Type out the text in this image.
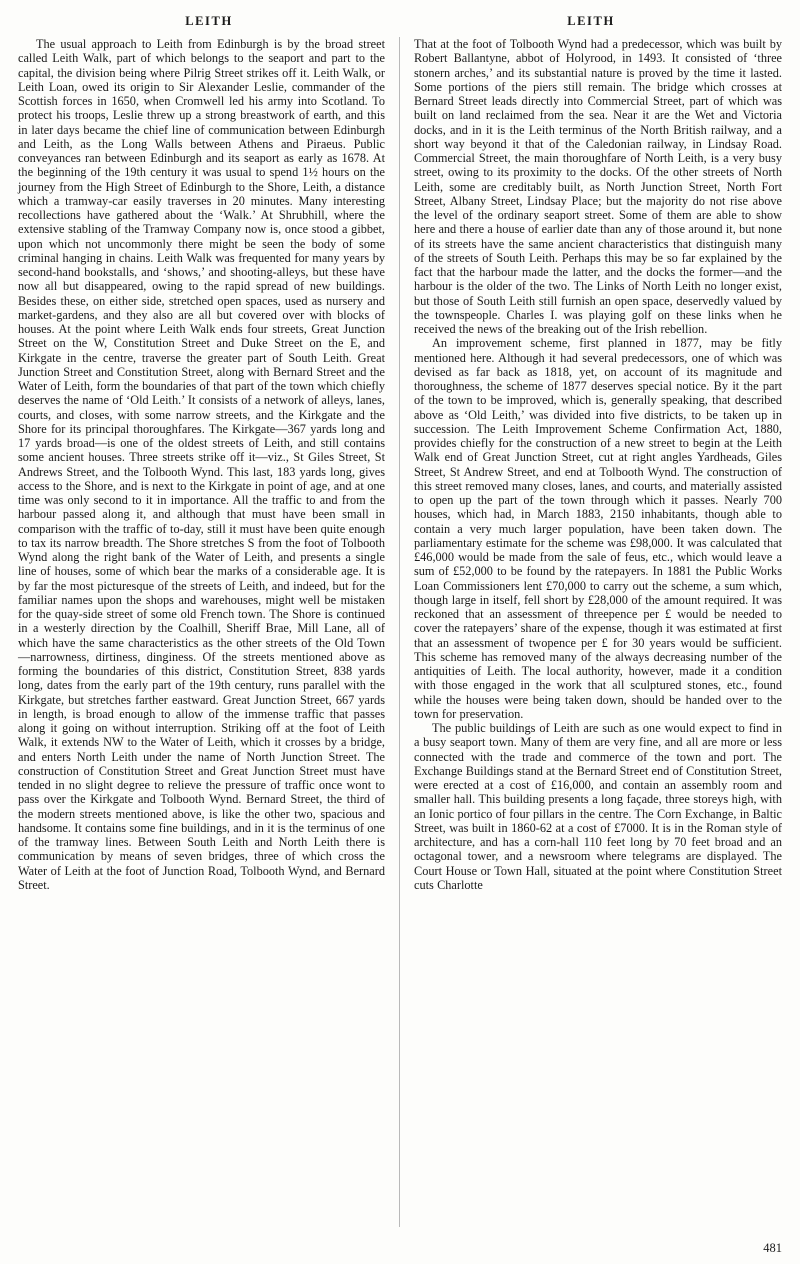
LEITH	LEITH

The usual approach to Leith from Edinburgh is by the broad street called Leith Walk, part of which belongs to the seaport and part to the capital, the division being where Pilrig Street strikes off it. Leith Walk, or Leith Loan, owed its origin to Sir Alexander Leslie, commander of the Scottish forces in 1650, when Cromwell led his army into Scotland. To protect his troops, Leslie threw up a strong breastwork of earth, and this in later days became the chief line of communication between Edinburgh and Leith, as the Long Walls between Athens and Piraeus. Public conveyances ran between Edinburgh and its seaport as early as 1678. At the beginning of the 19th century it was usual to spend 1½ hours on the journey from the High Street of Edinburgh to the Shore, Leith, a distance which a tramway-car easily traverses in 20 minutes. Many interesting recollections have gathered about the ‘Walk.’ At Shrubhill, where the extensive stabling of the Tramway Company now is, once stood a gibbet, upon which not uncommonly there might be seen the body of some criminal hanging in chains. Leith Walk was frequented for many years by second-hand bookstalls, and ‘shows,’ and shooting-alleys, but these have now all but disappeared, owing to the rapid spread of new buildings. Besides these, on either side, stretched open spaces, used as nursery and market-gardens, and they also are all but covered over with blocks of houses. At the point where Leith Walk ends four streets, Great Junction Street on the W, Constitution Street and Duke Street on the E, and Kirkgate in the centre, traverse the greater part of South Leith. Great Junction Street and Constitution Street, along with Bernard Street and the Water of Leith, form the boundaries of that part of the town which chiefly deserves the name of ‘Old Leith.’ It consists of a network of alleys, lanes, courts, and closes, with some narrow streets, and the Kirkgate and the Shore for its principal thoroughfares. The Kirkgate—367 yards long and 17 yards broad—is one of the oldest streets of Leith, and still contains some ancient houses. Three streets strike off it—viz., St Giles Street, St Andrews Street, and the Tolbooth Wynd. This last, 183 yards long, gives access to the Shore, and is next to the Kirkgate in point of age, and at one time was only second to it in importance. All the traffic to and from the harbour passed along it, and although that must have been small in comparison with the traffic of to-day, still it must have been quite enough to tax its narrow breadth. The Shore stretches S from the foot of Tolbooth Wynd along the right bank of the Water of Leith, and presents a single line of houses, some of which bear the marks of a considerable age. It is by far the most picturesque of the streets of Leith, and indeed, but for the familiar names upon the shops and warehouses, might well be mistaken for the quay-side street of some old French town. The Shore is continued in a westerly direction by the Coalhill, Sheriff Brae, Mill Lane, all of which have the same characteristics as the other streets of the Old Town—narrowness, dirtiness, dinginess. Of the streets mentioned above as forming the boundaries of this district, Constitution Street, 838 yards long, dates from the early part of the 19th century, runs parallel with the Kirkgate, but stretches farther eastward. Great Junction Street, 667 yards in length, is broad enough to allow of the immense traffic that passes along it going on without interruption. Striking off at the foot of Leith Walk, it extends NW to the Water of Leith, which it crosses by a bridge, and enters North Leith under the name of North Junction Street. The construction of Constitution Street and Great Junction Street must have tended in no slight degree to relieve the pressure of traffic once wont to pass over the Kirkgate and Tolbooth Wynd. Bernard Street, the third of the modern streets mentioned above, is like the other two, spacious and handsome. It contains some fine buildings, and in it is the terminus of one of the tramway lines. Between South Leith and North Leith there is communication by means of seven bridges, three of which cross the Water of Leith at the foot of Junction Road, Tolbooth Wynd, and Bernard Street.

That at the foot of Tolbooth Wynd had a predecessor, which was built by Robert Ballantyne, abbot of Holyrood, in 1493. It consisted of ‘three stonern arches,’ and its substantial nature is proved by the time it lasted. Some portions of the piers still remain. The bridge which crosses at Bernard Street leads directly into Commercial Street, part of which was built on land reclaimed from the sea. Near it are the Wet and Victoria docks, and in it is the Leith terminus of the North British railway, and a short way beyond it that of the Caledonian railway, in Lindsay Road. Commercial Street, the main thoroughfare of North Leith, is a very busy street, owing to its proximity to the docks. Of the other streets of North Leith, some are creditably built, as North Junction Street, North Fort Street, Albany Street, Lindsay Place; but the majority do not rise above the level of the ordinary seaport street. Some of them are able to show here and there a house of earlier date than any of those around it, but none of its streets have the same ancient characteristics that distinguish many of the streets of South Leith. Perhaps this may be so far explained by the fact that the harbour made the latter, and the docks the former—and the harbour is the older of the two. The Links of North Leith no longer exist, but those of South Leith still furnish an open space, deservedly valued by the townspeople. Charles I. was playing golf on these links when he received the news of the breaking out of the Irish rebellion.

An improvement scheme, first planned in 1877, may be fitly mentioned here. Although it had several predecessors, one of which was devised as far back as 1818, yet, on account of its magnitude and thoroughness, the scheme of 1877 deserves special notice. By it the part of the town to be improved, which is, generally speaking, that described above as ‘Old Leith,’ was divided into five districts, to be taken up in succession. The Leith Improvement Scheme Confirmation Act, 1880, provides chiefly for the construction of a new street to begin at the Leith Walk end of Great Junction Street, cut at right angles Yardheads, Giles Street, St Andrew Street, and end at Tolbooth Wynd. The construction of this street removed many closes, lanes, and courts, and materially assisted to open up the part of the town through which it passes. Nearly 700 houses, which had, in March 1883, 2150 inhabitants, though able to contain a very much larger population, have been taken down. The parliamentary estimate for the scheme was £98,000. It was calculated that £46,000 would be made from the sale of feus, etc., which would leave a sum of £52,000 to be found by the ratepayers. In 1881 the Public Works Loan Commissioners lent £70,000 to carry out the scheme, a sum which, though large in itself, fell short by £28,000 of the amount required. It was reckoned that an assessment of threepence per £ would be needed to cover the ratepayers’ share of the expense, though it was estimated at first that an assessment of twopence per £ for 30 years would be sufficient. This scheme has removed many of the always decreasing number of the antiquities of Leith. The local authority, however, made it a condition with those engaged in the work that all sculptured stones, etc., found while the houses were being taken down, should be handed over to the town for preservation.

The public buildings of Leith are such as one would expect to find in a busy seaport town. Many of them are very fine, and all are more or less connected with the trade and commerce of the town and port. The Exchange Buildings stand at the Bernard Street end of Constitution Street, were erected at a cost of £16,000, and contain an assembly room and smaller hall. This building presents a long façade, three storeys high, with an Ionic portico of four pillars in the centre. The Corn Exchange, in Baltic Street, was built in 1860-62 at a cost of £7000. It is in the Roman style of architecture, and has a corn-hall 110 feet long by 70 feet broad and an octagonal tower, and a newsroom where telegrams are displayed. The Court House or Town Hall, situated at the point where Constitution Street cuts Charlotte

481
